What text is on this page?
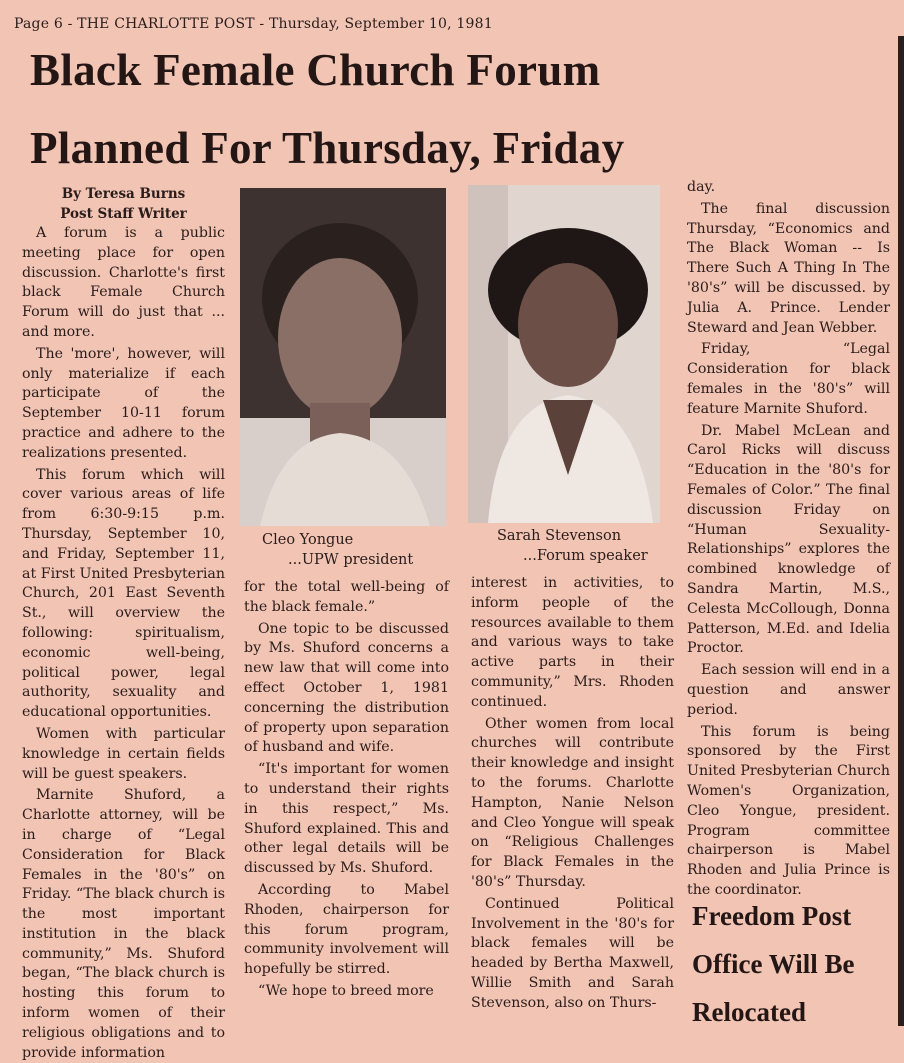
Page 6 - THE CHARLOTTE POST - Thursday, September 10, 1981
Black Female Church Forum
Planned For Thursday, Friday
By Teresa Burns
Post Staff Writer

A forum is a public meeting place for open discussion. Charlotte's first black Female Church Forum will do just that ... and more.

The 'more', however, will only materialize if each participate of the September 10-11 forum practice and adhere to the realizations presented.

This forum which will cover various areas of life from 6:30-9:15 p.m. Thursday, September 10, and Friday, September 11, at First United Presbyterian Church, 201 East Seventh St., will overview the following: spiritualism, economic well-being, political power, legal authority, sexuality and educational opportunities.

Women with particular knowledge in certain fields will be guest speakers.

Marnite Shuford, a Charlotte attorney, will be in charge of “Legal Consideration for Black Females in the '80's” on Friday. “The black church is the most important institution in the black community,” Ms. Shuford began, “The black church is hosting this forum to inform women of their religious obligations and to provide information

Cleo Yongue
...UPW president
Sarah Stevenson
...Forum speaker

for the total well-being of the black female.”

One topic to be discussed by Ms. Shuford concerns a new law that will come into effect October 1, 1981 concerning the distribution of property upon separation of husband and wife.

“It's important for women to understand their rights in this respect,” Ms. Shuford explained. This and other legal details will be discussed by Ms. Shuford.

According to Mabel Rhoden, chairperson for this forum program, community involvement will hopefully be stirred.

“We hope to breed more

interest in activities, to inform people of the resources available to them and various ways to take active parts in their community,” Mrs. Rhoden continued.

Other women from local churches will contribute their knowledge and insight to the forums. Charlotte Hampton, Nanie Nelson and Cleo Yongue will speak on “Religious Challenges for Black Females in the '80's” Thursday.

Continued Political Involvement in the '80's for black females will be headed by Bertha Maxwell, Willie Smith and Sarah Stevenson, also on Thurs-

day.

The final discussion Thursday, “Economics and The Black Woman -- Is There Such A Thing In The '80's” will be discussed. by Julia A. Prince. Lender Steward and Jean Webber.

Friday, “Legal Consideration for black females in the '80's” will feature Marnite Shuford.

Dr. Mabel McLean and Carol Ricks will discuss “Education in the '80's for Females of Color.” The final discussion Friday on “Human Sexuality-Relationships” explores the combined knowledge of Sandra Martin, M.S., Celesta McCollough, Donna Patterson, M.Ed. and Idelia Proctor.

Each session will end in a question and answer period.

This forum is being sponsored by the First United Presbyterian Church Women's Organization, Cleo Yongue, president. Program committee chairperson is Mabel Rhoden and Julia Prince is the coordinator.

Freedom Post
Office Will Be
Relocated
